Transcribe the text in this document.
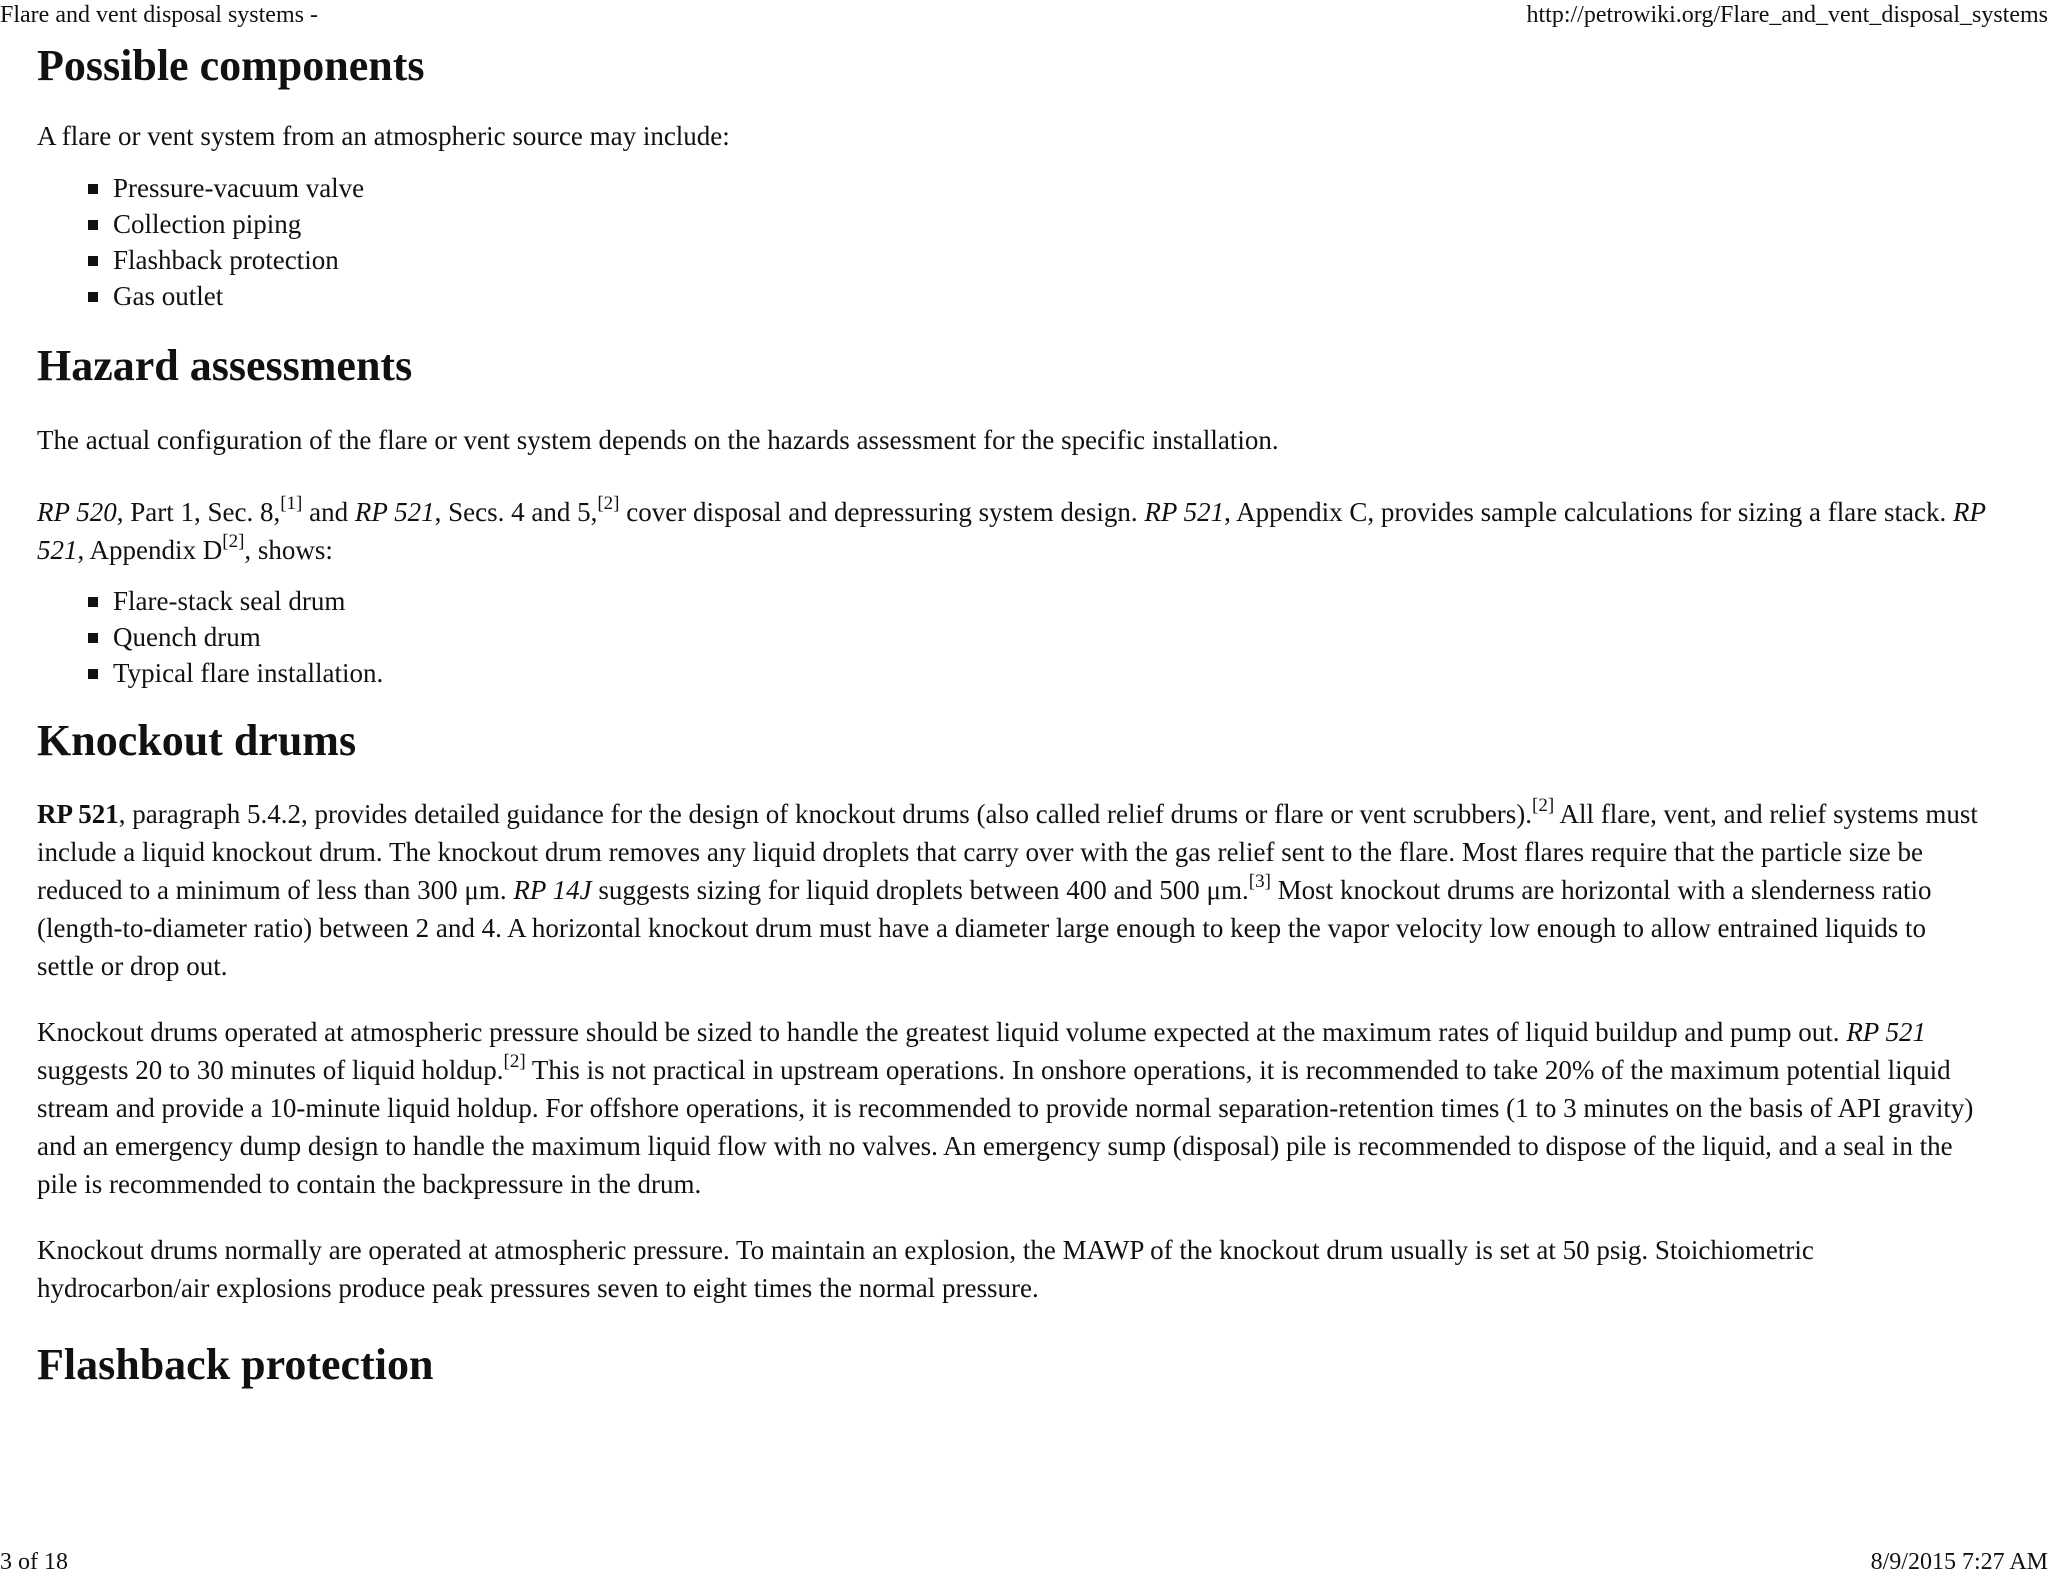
Flare and vent disposal systems -	http://petrowiki.org/Flare_and_vent_disposal_systems
Possible components

A flare or vent system from an atmospheric source may include:

Pressure-vacuum valve
Collection piping
Flashback protection
Gas outlet
Hazard assessments

The actual configuration of the flare or vent system depends on the hazards assessment for the specific installation.

RP 520, Part 1, Sec. 8,[1] and RP 521, Secs. 4 and 5,[2] cover disposal and depressuring system design. RP 521, Appendix C, provides sample calculations for sizing a flare stack. RP 521, Appendix D[2], shows:

Flare-stack seal drum
Quench drum
Typical flare installation.
Knockout drums

RP 521, paragraph 5.4.2, provides detailed guidance for the design of knockout drums (also called relief drums or flare or vent scrubbers).[2] All flare, vent, and relief systems must include a liquid knockout drum. The knockout drum removes any liquid droplets that carry over with the gas relief sent to the flare. Most flares require that the particle size be reduced to a minimum of less than 300 μm. RP 14J suggests sizing for liquid droplets between 400 and 500 μm.[3] Most knockout drums are horizontal with a slenderness ratio (length-to-diameter ratio) between 2 and 4. A horizontal knockout drum must have a diameter large enough to keep the vapor velocity low enough to allow entrained liquids to settle or drop out.

Knockout drums operated at atmospheric pressure should be sized to handle the greatest liquid volume expected at the maximum rates of liquid buildup and pump out. RP 521 suggests 20 to 30 minutes of liquid holdup.[2] This is not practical in upstream operations. In onshore operations, it is recommended to take 20% of the maximum potential liquid stream and provide a 10-minute liquid holdup. For offshore operations, it is recommended to provide normal separation-retention times (1 to 3 minutes on the basis of API gravity) and an emergency dump design to handle the maximum liquid flow with no valves. An emergency sump (disposal) pile is recommended to dispose of the liquid, and a seal in the pile is recommended to contain the backpressure in the drum.

Knockout drums normally are operated at atmospheric pressure. To maintain an explosion, the MAWP of the knockout drum usually is set at 50 psig. Stoichiometric hydrocarbon/air explosions produce peak pressures seven to eight times the normal pressure.

Flashback protection
3 of 18	8/9/2015 7:27 AM
